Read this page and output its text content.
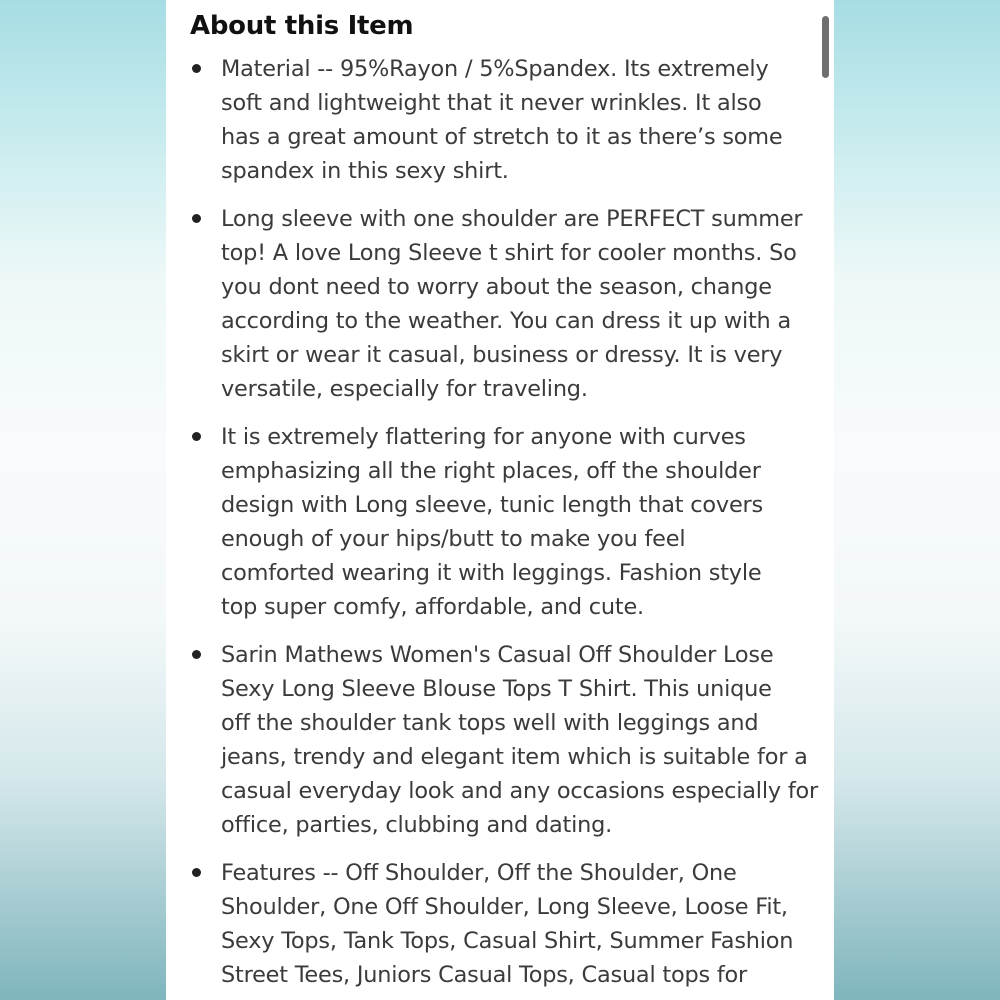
About this Item
Material -- 95%Rayon / 5%Spandex. Its extremely
soft and lightweight that it never wrinkles. It also
has a great amount of stretch to it as there’s some
spandex in this sexy shirt.
Long sleeve with one shoulder are PERFECT summer
top! A love Long Sleeve t shirt for cooler months. So
you dont need to worry about the season, change
according to the weather. You can dress it up with a
skirt or wear it casual, business or dressy. It is very
versatile, especially for traveling.
It is extremely flattering for anyone with curves
emphasizing all the right places, off the shoulder
design with Long sleeve, tunic length that covers
enough of your hips/butt to make you feel
comforted wearing it with leggings. Fashion style
top super comfy, affordable, and cute.
Sarin Mathews Women's Casual Off Shoulder Lose
Sexy Long Sleeve Blouse Tops T Shirt. This unique
off the shoulder tank tops well with leggings and
jeans, trendy and elegant item which is suitable for a
casual everyday look and any occasions especially for
office, parties, clubbing and dating.
Features -- Off Shoulder, Off the Shoulder, One
Shoulder, One Off Shoulder, Long Sleeve, Loose Fit,
Sexy Tops, Tank Tops, Casual Shirt, Summer Fashion
Street Tees, Juniors Casual Tops, Casual tops for
